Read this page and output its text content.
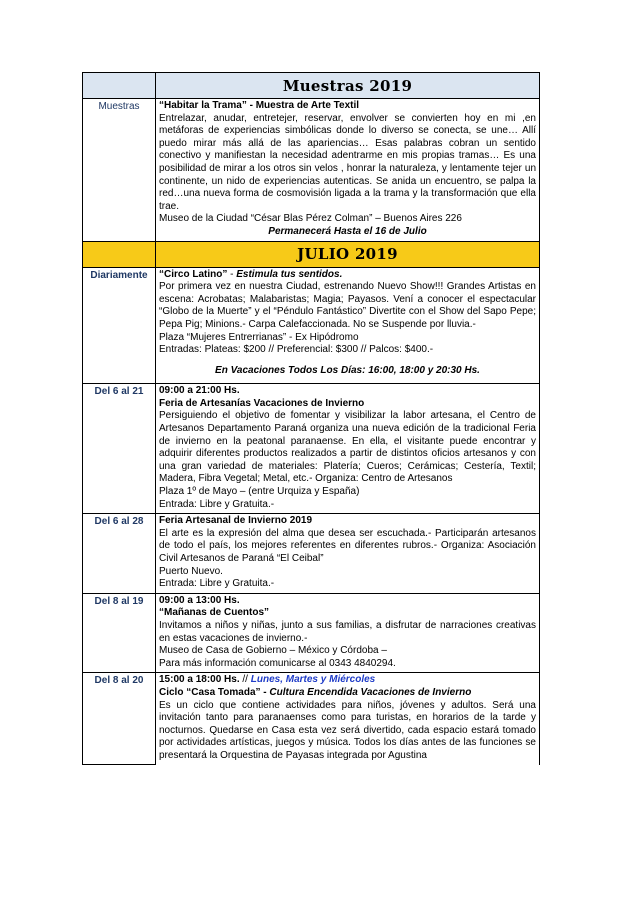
	Muestras 2019
Muestras	“Habitar la Trama” - Muestra de Arte Textil
Entrelazar, anudar, entretejer, reservar, envolver se convierten hoy en mi ,en metáforas de experiencias simbólicas donde lo diverso se conecta, se une… Allí puedo mirar más allá de las apariencias… Esas palabras cobran un sentido conectivo y manifiestan la necesidad adentrarme en mis propias tramas… Es una posibilidad de mirar a los otros sin velos , honrar la naturaleza, y lentamente tejer un continente, un nido de experiencias autenticas. Se anida un encuentro, se palpa la red…una nueva forma de cosmovisión ligada a la trama y la transformación que ella trae.
Museo de la Ciudad “César Blas Pérez Colman” – Buenos Aires 226
Permanecerá Hasta el 16 de Julio

	JULIO 2019
Diariamente	“Circo Latino” - Estimula tus sentidos.
Por primera vez en nuestra Ciudad, estrenando Nuevo Show!!! Grandes Artistas en escena: Acrobatas; Malabaristas; Magia; Payasos. Vení a conocer el espectacular “Globo de la Muerte” y el “Péndulo Fantástico” Divertite con el Show del Sapo Pepe; Pepa Pig; Minions.- Carpa Calefaccionada. No se Suspende por lluvia.-
Plaza “Mujeres Entrerrianas” - Ex Hipódromo
Entradas: Plateas: $200 // Preferencial: $300 // Palcos: $400.-
En Vacaciones Todos Los Días: 16:00, 18:00 y 20:30 Hs.

Del 6 al 21	09:00 a 21:00 Hs.
Feria de Artesanías Vacaciones de Invierno
Persiguiendo el objetivo de fomentar y visibilizar la labor artesana, el Centro de Artesanos Departamento Paraná organiza una nueva edición de la tradicional Feria de invierno en la peatonal paranaense. En ella, el visitante puede encontrar y adquirir diferentes productos realizados a partir de distintos oficios artesanos y con una gran variedad de materiales: Platería; Cueros; Cerámicas; Cestería, Textil; Madera, Fibra Vegetal; Metal, etc.- Organiza: Centro de Artesanos
Plaza 1º de Mayo – (entre Urquiza y España)
Entrada: Libre y Gratuita.-

Del 6 al 28	Feria Artesanal de Invierno 2019
El arte es la expresión del alma que desea ser escuchada.- Participarán artesanos de todo el país, los mejores referentes en diferentes rubros.- Organiza: Asociación Civil Artesanos de Paraná “El Ceibal”
Puerto Nuevo.
Entrada: Libre y Gratuita.-

Del 8 al 19	09:00 a 13:00 Hs.
“Mañanas de Cuentos”
Invitamos a niños y niñas, junto a sus familias, a disfrutar de narraciones creativas en estas vacaciones de invierno.-
Museo de Casa de Gobierno – México y Córdoba –
Para más información comunicarse al 0343 4840294.

Del 8 al 20	15:00 a 18:00 Hs. // Lunes, Martes y Miércoles
Ciclo “Casa Tomada” - Cultura Encendida Vacaciones de Invierno
Es un ciclo que contiene actividades para niños, jóvenes y adultos. Será una invitación tanto para paranaenses como para turistas, en horarios de la tarde y nocturnos. Quedarse en Casa esta vez será divertido, cada espacio estará tomado por actividades artísticas, juegos y música. Todos los días antes de las funciones se presentará la Orquestina de Payasas integrada por Agustina
